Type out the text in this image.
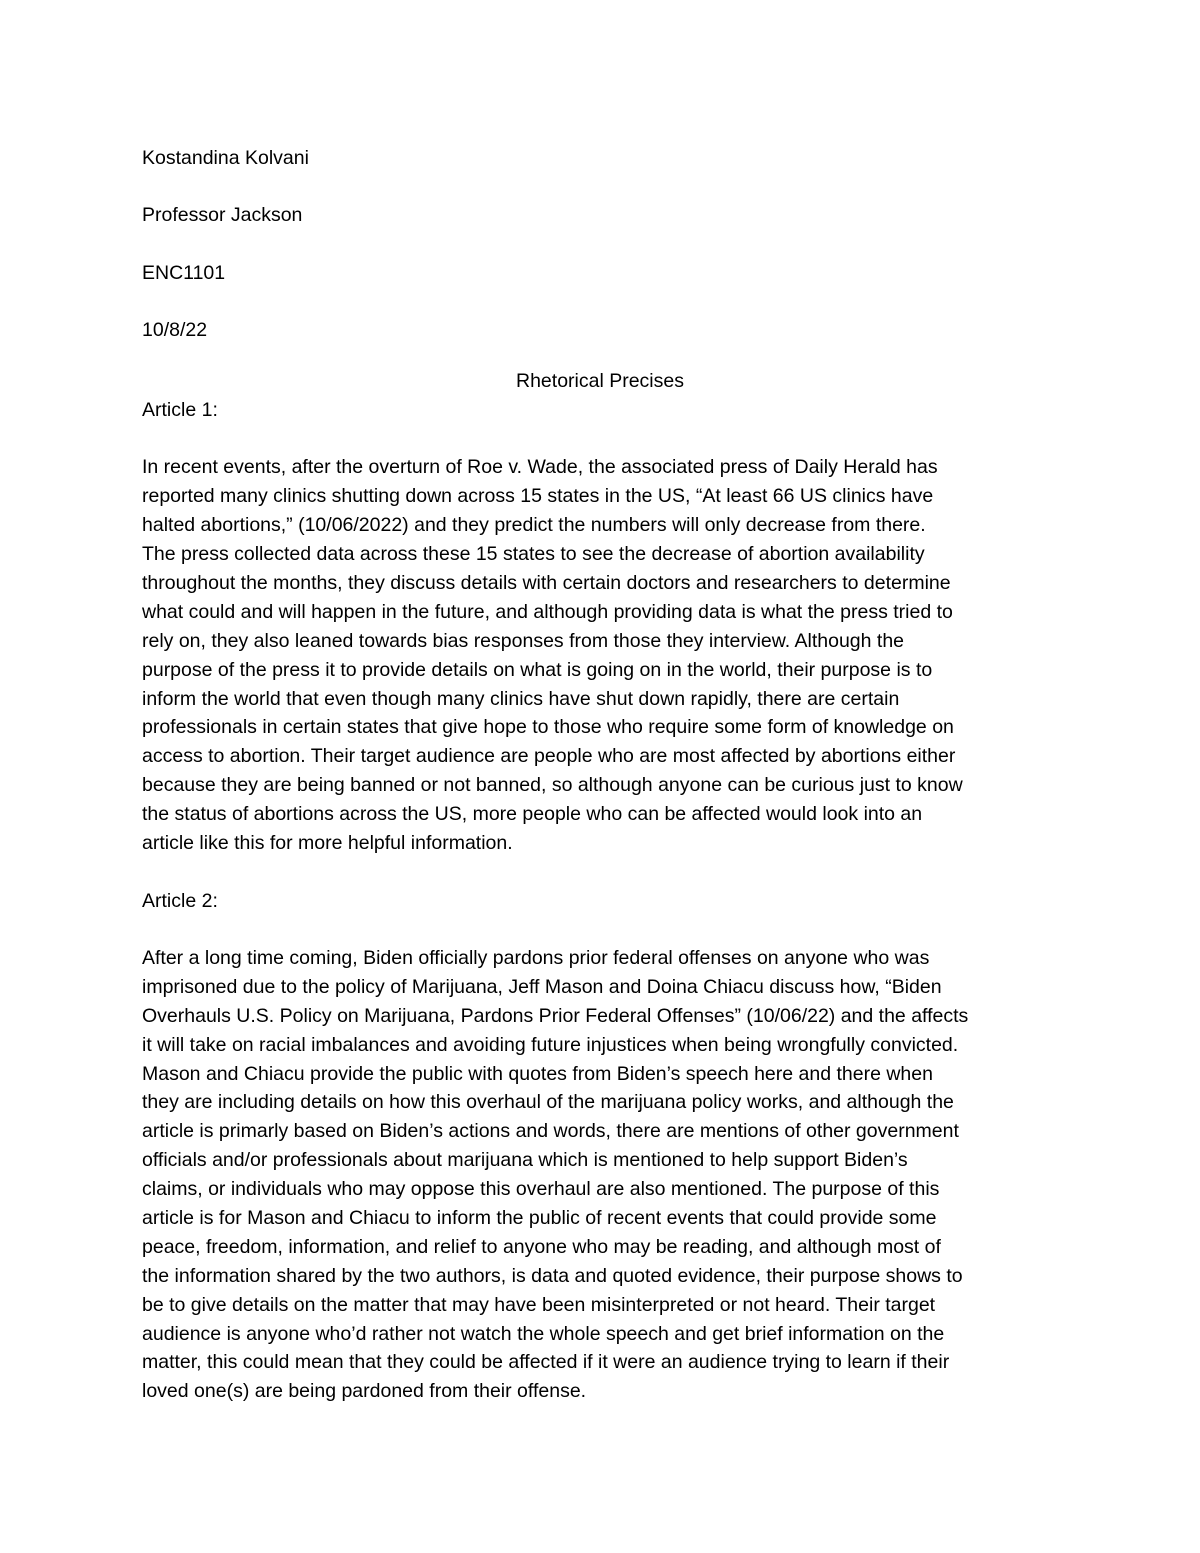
Kostandina Kolvani
Professor Jackson
ENC1101
10/8/22
Rhetorical Precises
Article 1:
In recent events, after the overturn of Roe v. Wade, the associated press of Daily Herald has
reported many clinics shutting down across 15 states in the US, “At least 66 US clinics have
halted abortions,” (10/06/2022) and they predict the numbers will only decrease from there.
The press collected data across these 15 states to see the decrease of abortion availability
throughout the months, they discuss details with certain doctors and researchers to determine
what could and will happen in the future, and although providing data is what the press tried to
rely on, they also leaned towards bias responses from those they interview. Although the
purpose of the press it to provide details on what is going on in the world, their purpose is to
inform the world that even though many clinics have shut down rapidly, there are certain
professionals in certain states that give hope to those who require some form of knowledge on
access to abortion. Their target audience are people who are most affected by abortions either
because they are being banned or not banned, so although anyone can be curious just to know
the status of abortions across the US, more people who can be affected would look into an
article like this for more helpful information.
Article 2:
After a long time coming, Biden officially pardons prior federal offenses on anyone who was
imprisoned due to the policy of Marijuana, Jeff Mason and Doina Chiacu discuss how, “Biden
Overhauls U.S. Policy on Marijuana, Pardons Prior Federal Offenses” (10/06/22) and the affects
it will take on racial imbalances and avoiding future injustices when being wrongfully convicted.
Mason and Chiacu provide the public with quotes from Biden’s speech here and there when
they are including details on how this overhaul of the marijuana policy works, and although the
article is primarly based on Biden’s actions and words, there are mentions of other government
officials and/or professionals about marijuana which is mentioned to help support Biden’s
claims, or individuals who may oppose this overhaul are also mentioned. The purpose of this
article is for Mason and Chiacu to inform the public of recent events that could provide some
peace, freedom, information, and relief to anyone who may be reading, and although most of
the information shared by the two authors, is data and quoted evidence, their purpose shows to
be to give details on the matter that may have been misinterpreted or not heard. Their target
audience is anyone who’d rather not watch the whole speech and get brief information on the
matter, this could mean that they could be affected if it were an audience trying to learn if their
loved one(s) are being pardoned from their offense.
